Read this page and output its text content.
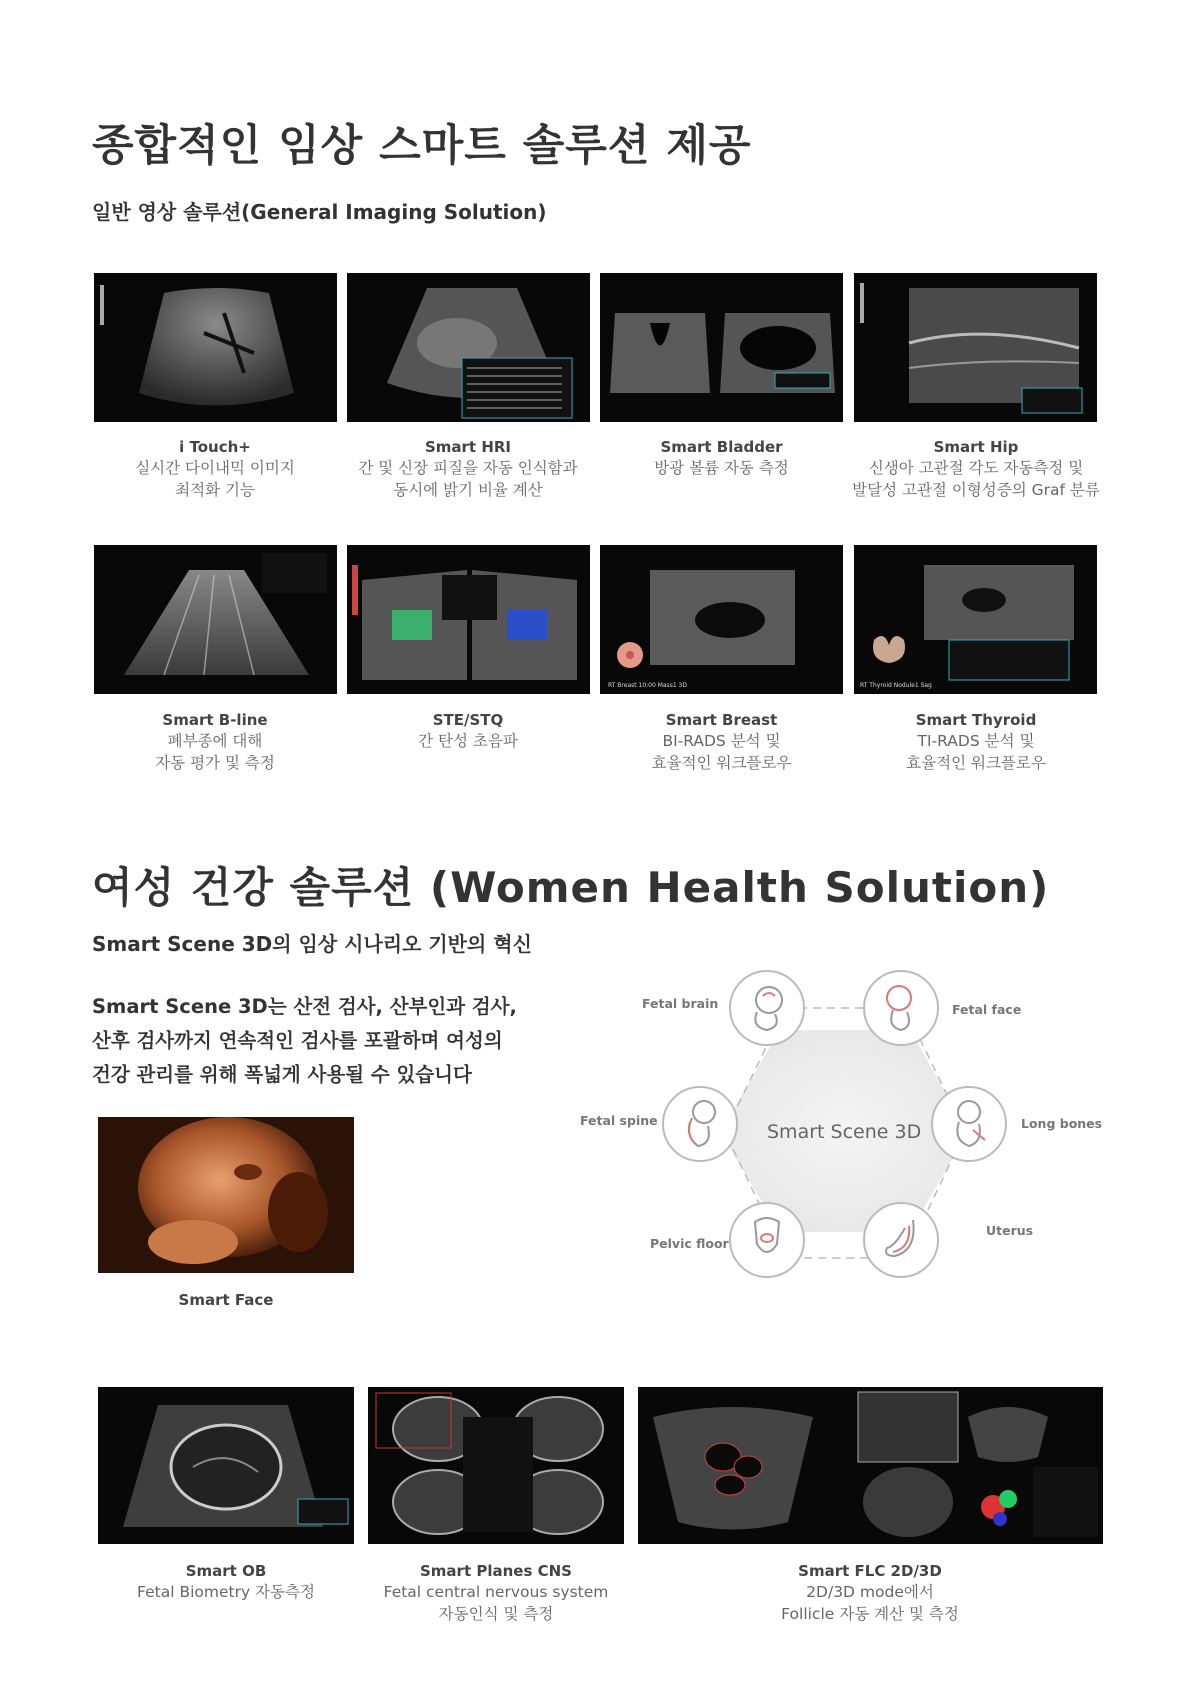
종합적인 임상 스마트 솔루션 제공
일반 영상 솔루션(General Imaging Solution)
i Touch+
실시간 다이내믹 이미지
최적화 기능
Smart HRI
간 및 신장 피질을 자동 인식함과
동시에 밝기 비율 계산
Smart Bladder
방광 볼륨 자동 측정
Smart Hip
신생아 고관절 각도 자동측정 및
발달성 고관절 이형성증의 Graf 분류
RT Breast 10:00 Mass1 3D	RT Thyroid Nodule1 Sag
Smart B-line
폐부종에 대해
자동 평가 및 측정
STE/STQ
간 탄성 초음파
Smart Breast
BI-RADS 분석 및
효율적인 워크플로우
Smart Thyroid
TI-RADS 분석 및
효율적인 워크플로우
여성 건강 솔루션 (Women Health Solution)
Smart Scene 3D의 임상 시나리오 기반의 혁신
Smart Scene 3D는 산전 검사, 산부인과 검사,
산후 검사까지 연속적인 검사를 포괄하며 여성의
건강 관리를 위해 폭넓게 사용될 수 있습니다
Smart Face
Smart Scene 3D
Fetal brain	Fetal face
Fetal spine	Long bones
Pelvic floor
Uterus
Smart OB
Fetal Biometry 자동측정
Smart Planes CNS
Fetal central nervous system
자동인식 및 측정
Smart FLC 2D/3D
2D/3D mode에서
Follicle 자동 계산 및 측정
